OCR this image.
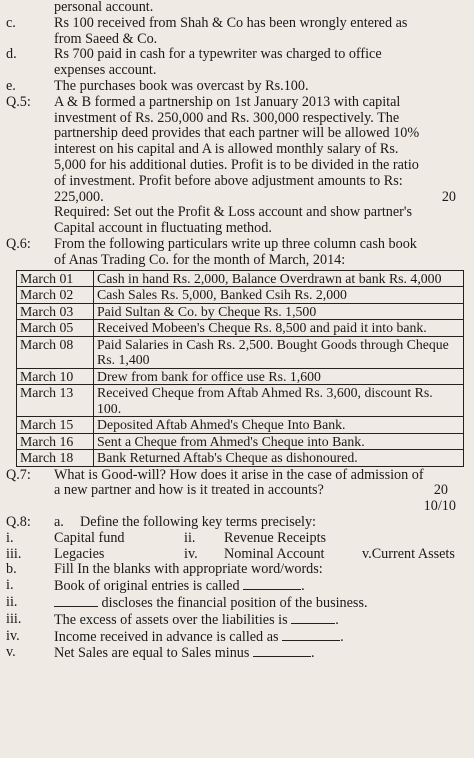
personal account.
c.	Rs 100 received from Shah & Co has been wrongly entered as
from Saeed & Co.
d.	Rs 700 paid in cash for a typewriter was charged to office
expenses account.
e.	The purchases book was overcast by Rs.100.
Q.5:	A & B formed a partnership on 1st January 2013 with capital
investment of Rs. 250,000 and Rs. 300,000 respectively. The
partnership deed provides that each partner will be allowed 10%
interest on his capital and A is allowed monthly salary of Rs.
5,000 for his additional duties. Profit is to be divided in the ratio
of investment. Profit before above adjustment amounts to Rs:
225,000.	20
Required: Set out the Profit & Loss account and show partner's
Capital account in fluctuating method.
Q.6:	From the following particulars write up three column cash book
of Anas Trading Co. for the month of March, 2014:
March 01	Cash in hand Rs. 2,000, Balance Overdrawn at bank Rs. 4,000
March 02	Cash Sales Rs. 5,000, Banked Csih Rs. 2,000
March 03	Paid Sultan & Co. by Cheque Rs. 1,500
March 05	Received Mobeen's Cheque Rs. 8,500 and paid it into bank.
March 08	Paid Salaries in Cash Rs. 2,500. Bought Goods through Cheque Rs. 1,400
March 10	Drew from bank for office use Rs. 1,600
March 13	Received Cheque from Aftab Ahmed Rs. 3,600, discount Rs. 100.
March 15	Deposited Aftab Ahmed's Cheque Into Bank.
March 16	Sent a Cheque from Ahmed's Cheque into Bank.
March 18	Bank Returned Aftab's Cheque as dishonoured.
Q.7:	What is Good-will? How does it arise in the case of admission of
a new partner and how is it treated in accounts?	20
10/10
Q.8:	a.	Define the following key terms precisely:
i.	Capital fund	ii.	Revenue Receipts
iii.	Legacies	iv.	Nominal Account	v.Current Assets
b.	Fill In the blanks with appropriate word/words:
i.	Book of original entries is called	.
ii.	discloses the financial position of the business.
iii.	The excess of assets over the liabilities is	.
iv.	Income received in advance is called as	.
v.	Net Sales are equal to Sales minus	.
